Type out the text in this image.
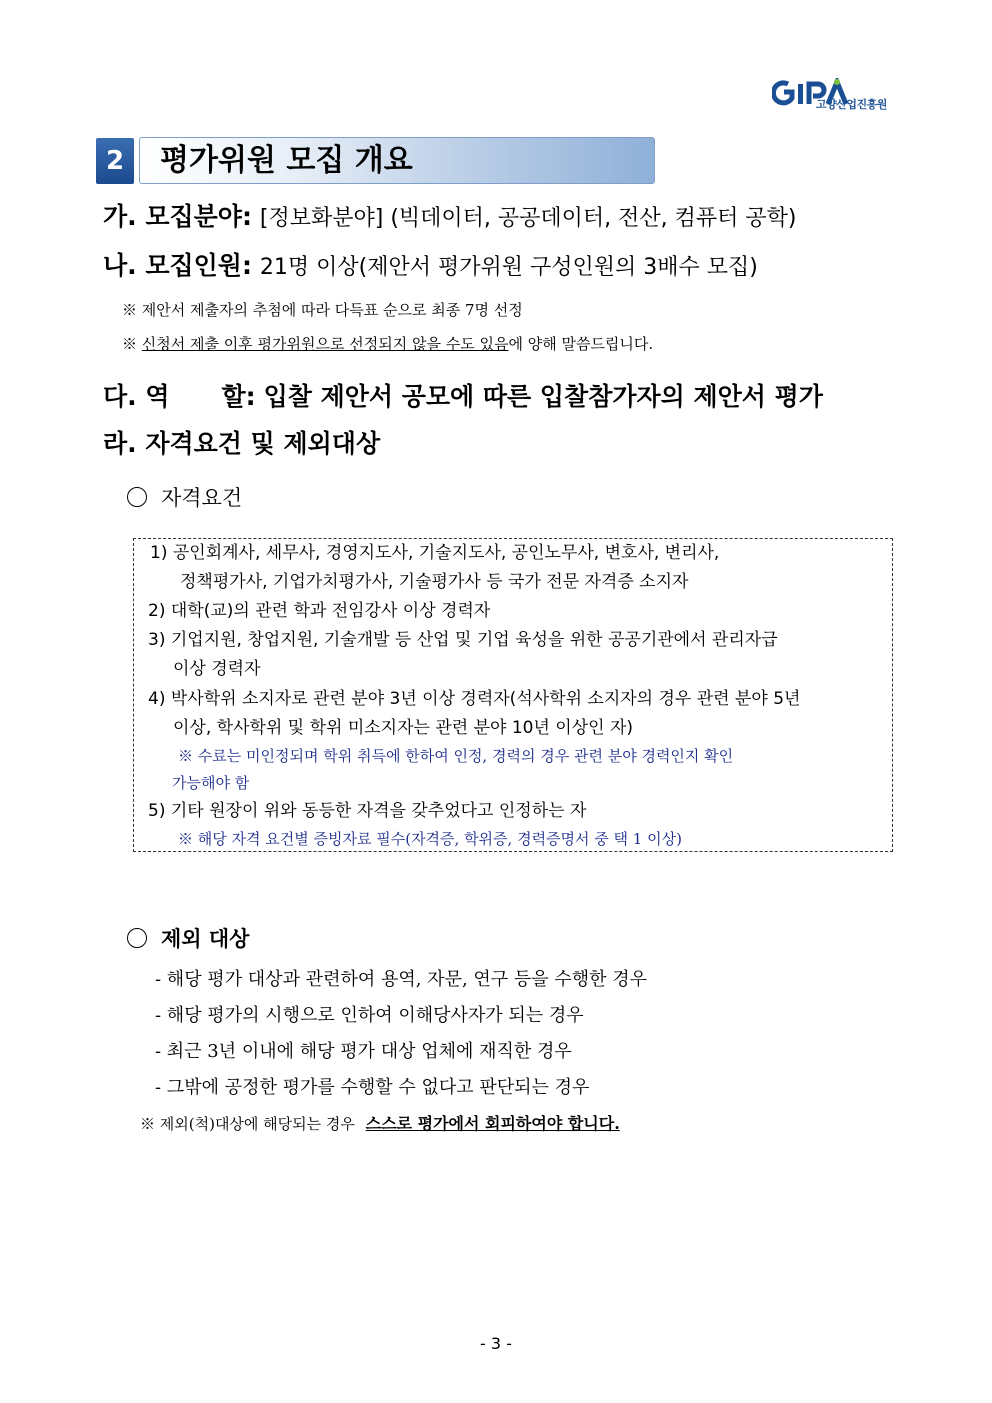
고양산업진흥원
2	평가위원 모집 개요
가. 모집분야: [정보화분야] (빅데이터, 공공데이터, 전산, 컴퓨터 공학)
나. 모집인원: 21명 이상(제안서 평가위원 구성인원의 3배수 모집)
※ 제안서 제출자의 추첨에 따라 다득표 순으로 최종 7명 선정
※ 신청서 제출 이후 평가위원으로 선정되지 않을 수도 있음에 양해 말씀드립니다.
다. 역 할: 입찰 제안서 공모에 따른 입찰참가자의 제안서 평가
라. 자격요건 및 제외대상
자격요건
1) 공인회계사, 세무사, 경영지도사, 기술지도사, 공인노무사, 변호사, 변리사,
정책평가사, 기업가치평가사, 기술평가사 등 국가 전문 자격증 소지자
2) 대학(교)의 관련 학과 전임강사 이상 경력자
3) 기업지원, 창업지원, 기술개발 등 산업 및 기업 육성을 위한 공공기관에서 관리자급
이상 경력자
4) 박사학위 소지자로 관련 분야 3년 이상 경력자(석사학위 소지자의 경우 관련 분야 5년
이상, 학사학위 및 학위 미소지자는 관련 분야 10년 이상인 자)
※ 수료는 미인정되며 학위 취득에 한하여 인정, 경력의 경우 관련 분야 경력인지 확인
가능해야 함
5) 기타 원장이 위와 동등한 자격을 갖추었다고 인정하는 자
※ 해당 자격 요건별 증빙자료 필수(자격증, 학위증, 경력증명서 중 택 1 이상)
제외 대상
- 해당 평가 대상과 관련하여 용역, 자문, 연구 등을 수행한 경우
- 해당 평가의 시행으로 인하여 이해당사자가 되는 경우
- 최근 3년 이내에 해당 평가 대상 업체에 재직한 경우
- 그밖에 공정한 평가를 수행할 수 없다고 판단되는 경우
※ 제외(척)대상에 해당되는 경우 스스로 평가에서 회피하여야 합니다.
- 3 -
